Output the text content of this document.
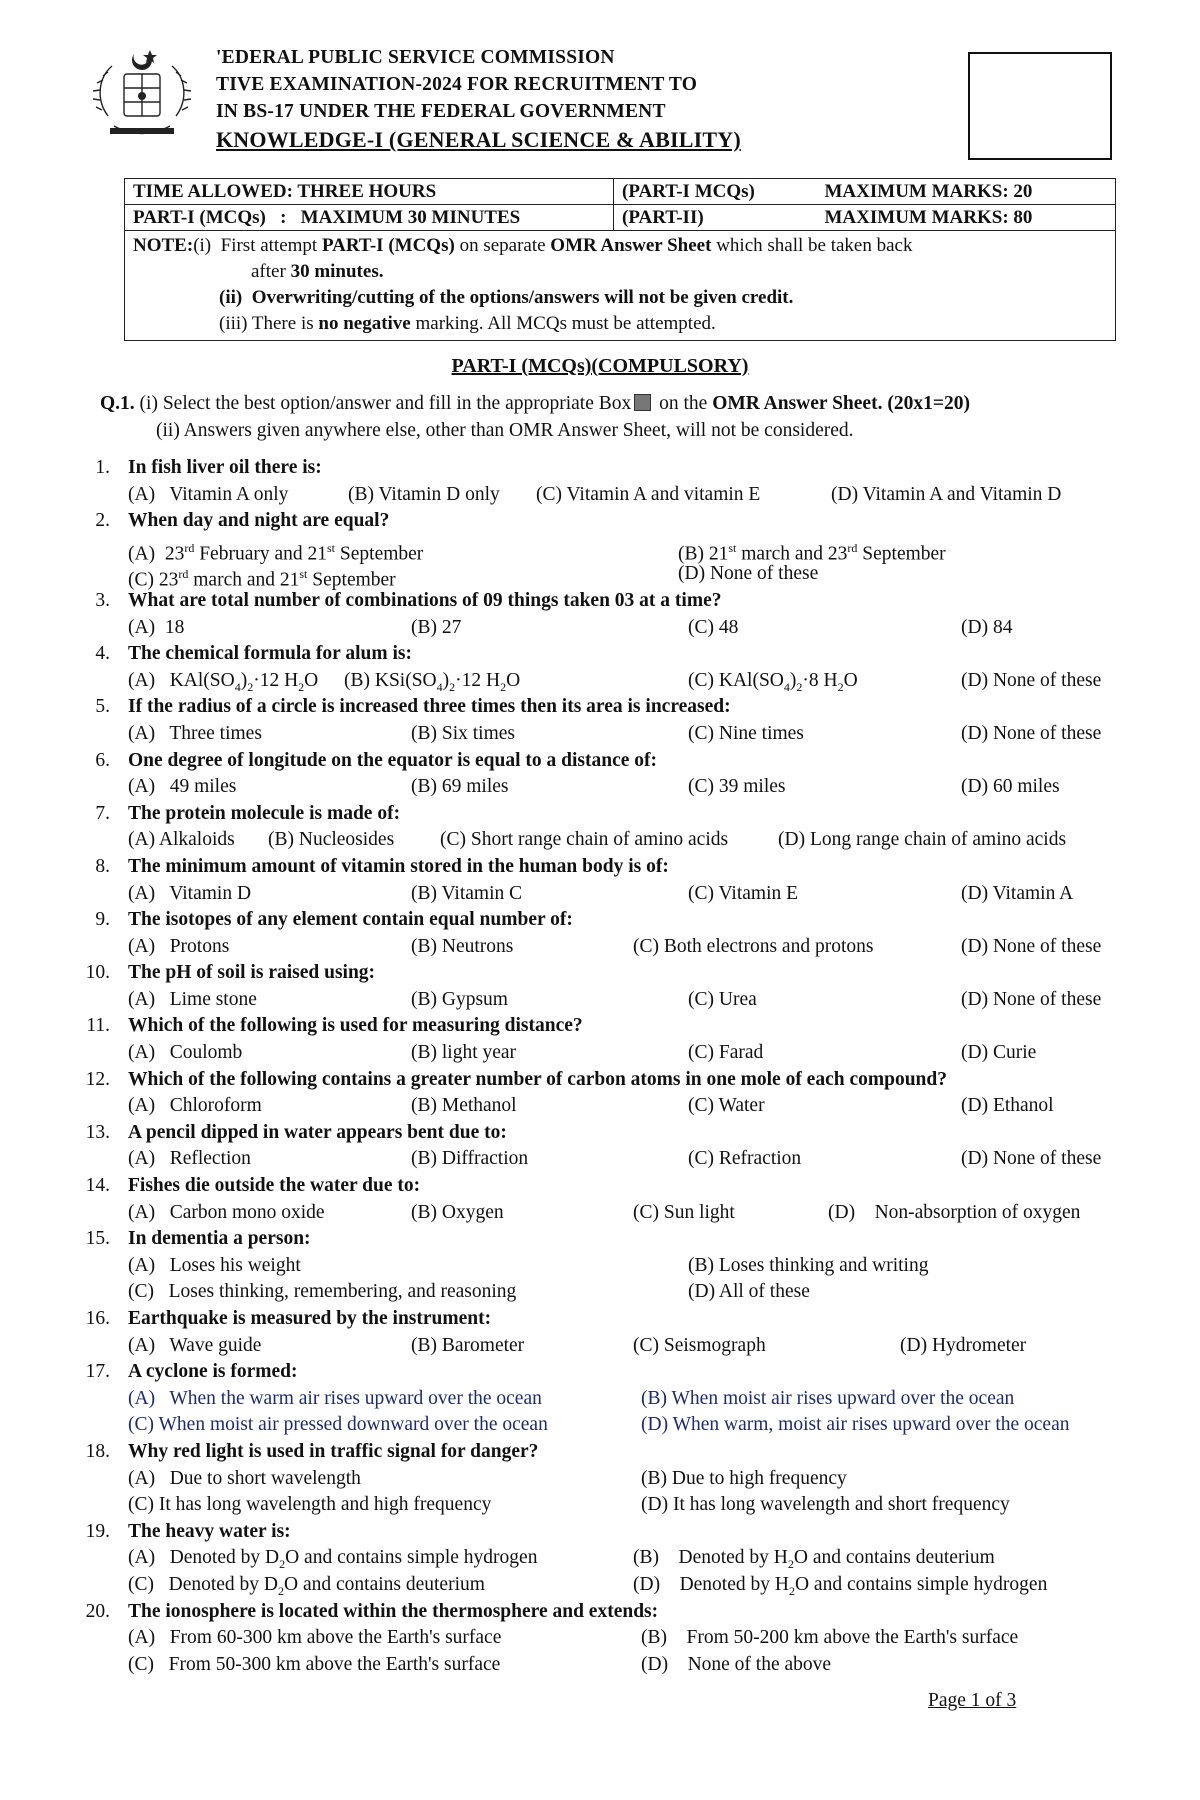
'EDERAL PUBLIC SERVICE COMMISSION
TIVE EXAMINATION-2024 FOR RECRUITMENT TO
IN BS-17 UNDER THE FEDERAL GOVERNMENT
KNOWLEDGE-I (GENERAL SCIENCE & ABILITY)
TIME ALLOWED: THREE HOURS	(PART-I MCQs) MAXIMUM MARKS: 20

PART-I (MCQs)   :   MAXIMUM 30 MINUTES	(PART-II) MAXIMUM MARKS: 80

NOTE:(i)  First attempt PART-I (MCQs) on separate OMR Answer Sheet which shall be taken back
after 30 minutes.
(ii)  Overwriting/cutting of the options/answers will not be given credit.
(iii) There is no negative marking. All MCQs must be attempted.	
PART-I (MCQs)(COMPULSORY)
Q.1. (i) Select the best option/answer and fill in the appropriate Box on the OMR Answer Sheet. (20x1=20)
(ii) Answers given anywhere else, other than OMR Answer Sheet, will not be considered.
1. In fish liver oil there is:
(A)   Vitamin A only	(B) Vitamin D only (C) Vitamin A and vitamin E	(D) Vitamin A and Vitamin D
2. When day and night are equal?
(A)  23rd February and 21st September	(B) 21st march and 23rd September
(C) 23rd march and 21st September	(D) None of these
3. What are total number of combinations of 09 things taken 03 at a time?
(A)  18	(B) 27	(C) 48	(D) 84
4. The chemical formula for alum is:
(A)   $KAl(SO_4)_2\cdot 12$ $H_2O$ (B) $KSi(SO_4)_2\cdot 12$ $H_2O$	(C) $KAl(SO_4)_2\cdot 8$ $H_2O$	(D) None of these
5. If the radius of a circle is increased three times then its area is increased:
(A)   Three times	(B) Six times	(C) Nine times	(D) None of these
6. One degree of longitude on the equator is equal to a distance of:
(A)   49 miles	(B) 69 miles	(C) 39 miles	(D) 60 miles
7. The protein molecule is made of:
(A) Alkaloids (B) Nucleosides (C) Short range chain of amino acids	(D) Long range chain of amino acids
8. The minimum amount of vitamin stored in the human body is of:
(A)   Vitamin D	(B) Vitamin C	(C) Vitamin E	(D) Vitamin A
9. The isotopes of any element contain equal number of:
(A)   Protons	(B) Neutrons	(C) Both electrons and protons	(D) None of these
10. The pH of soil is raised using:
(A)   Lime stone	(B) Gypsum	(C) Urea	(D) None of these
11. Which of the following is used for measuring distance?
(A)   Coulomb	(B) light year	(C) Farad	(D) Curie
12. Which of the following contains a greater number of carbon atoms in one mole of each compound?
(A)   Chloroform	(B) Methanol	(C) Water	(D) Ethanol
13. A pencil dipped in water appears bent due to:
(A)   Reflection	(B) Diffraction	(C) Refraction	(D) None of these
14. Fishes die outside the water due to:
(A)   Carbon mono oxide	(B) Oxygen	(C) Sun light	(D)    Non-absorption of oxygen
15. In dementia a person:
(A)   Loses his weight	(B) Loses thinking and writing
(C)   Loses thinking, remembering, and reasoning	(D) All of these
16. Earthquake is measured by the instrument:
(A)   Wave guide	(B) Barometer	(C) Seismograph	(D) Hydrometer
17. A cyclone is formed:
(A)   When the warm air rises upward over the ocean	(B) When moist air rises upward over the ocean
(C) When moist air pressed downward over the ocean	(D) When warm, moist air rises upward over the ocean
18. Why red light is used in traffic signal for danger?
(A)   Due to short wavelength	(B) Due to high frequency
(C) It has long wavelength and high frequency	(D) It has long wavelength and short frequency
19. The heavy water is:
(A)   Denoted by $D_2O$ and contains simple hydrogen	(B)    Denoted by $H_2O$ and contains deuterium
(C)   Denoted by $D_2O$ and contains deuterium	(D)    Denoted by $H_2O$ and contains simple hydrogen
20. The ionosphere is located within the thermosphere and extends:
(A)   From 60-300 km above the Earth's surface	(B)    From 50-200 km above the Earth's surface
(C)   From 50-300 km above the Earth's surface	(D)    None of the above
Page 1 of 3
